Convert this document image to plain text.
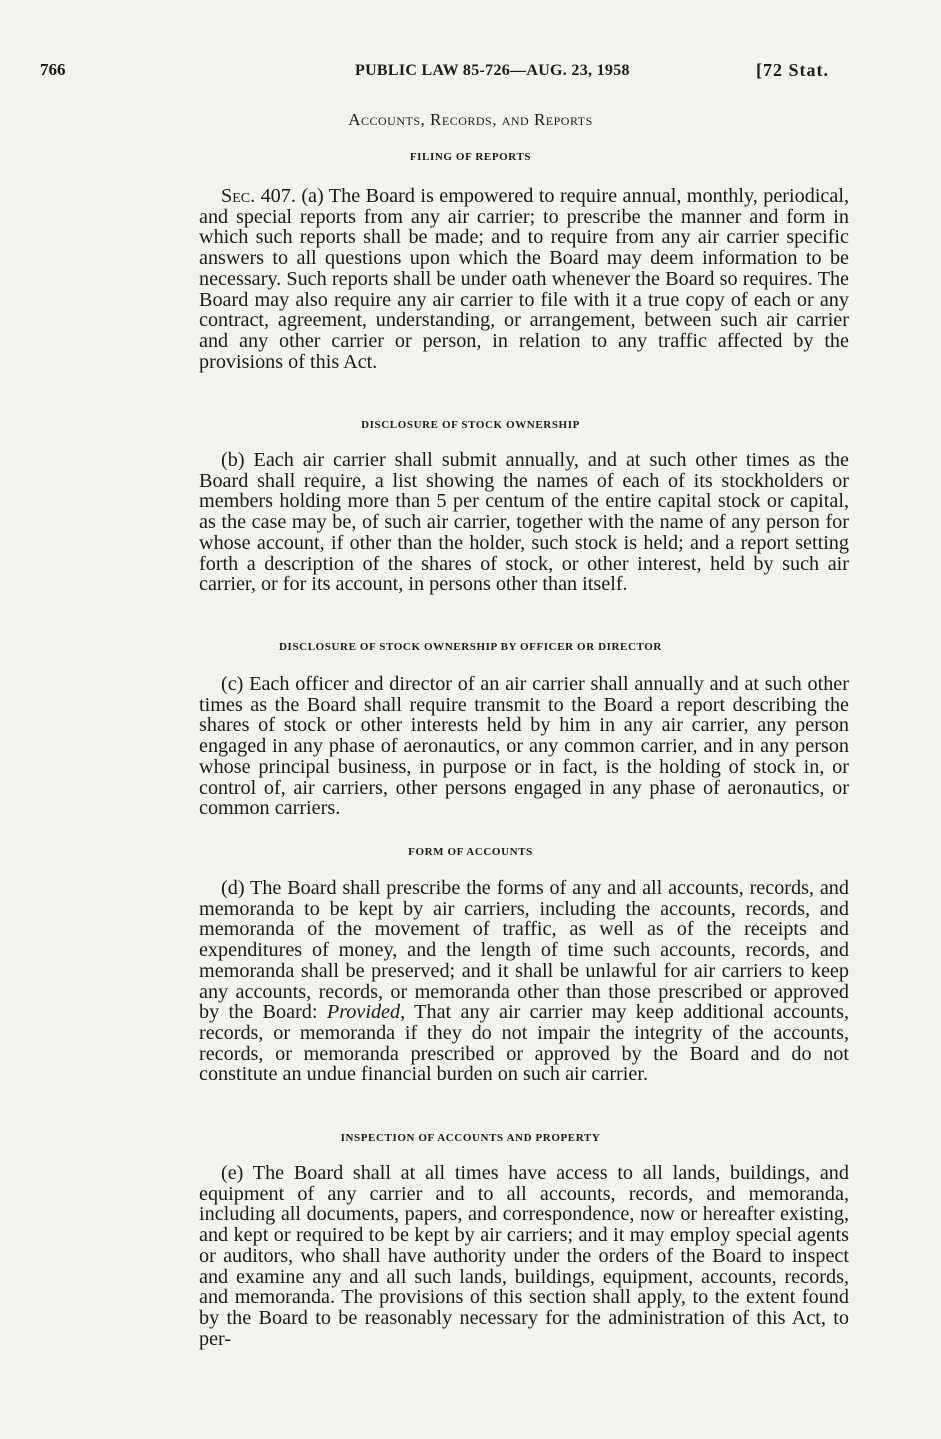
766	PUBLIC LAW 85-726—AUG. 23, 1958	[72 Stat.
Accounts, Records, and Reports
FILING OF REPORTS

Sec. 407. (a) The Board is empowered to require annual, monthly, periodical, and special reports from any air carrier; to prescribe the manner and form in which such reports shall be made; and to require from any air carrier specific answers to all questions upon which the Board may deem information to be necessary. Such reports shall be under oath whenever the Board so requires. The Board may also require any air carrier to file with it a true copy of each or any contract, agreement, understanding, or arrangement, between such air carrier and any other carrier or person, in relation to any traffic affected by the provisions of this Act.

DISCLOSURE OF STOCK OWNERSHIP

(b) Each air carrier shall submit annually, and at such other times as the Board shall require, a list showing the names of each of its stockholders or members holding more than 5 per centum of the entire capital stock or capital, as the case may be, of such air carrier, together with the name of any person for whose account, if other than the holder, such stock is held; and a report setting forth a description of the shares of stock, or other interest, held by such air carrier, or for its account, in persons other than itself.

DISCLOSURE OF STOCK OWNERSHIP BY OFFICER OR DIRECTOR

(c) Each officer and director of an air carrier shall annually and at such other times as the Board shall require transmit to the Board a report describing the shares of stock or other interests held by him in any air carrier, any person engaged in any phase of aeronautics, or any common carrier, and in any person whose principal business, in purpose or in fact, is the holding of stock in, or control of, air carriers, other persons engaged in any phase of aeronautics, or common carriers.

FORM OF ACCOUNTS

(d) The Board shall prescribe the forms of any and all accounts, records, and memoranda to be kept by air carriers, including the accounts, records, and memoranda of the movement of traffic, as well as of the receipts and expenditures of money, and the length of time such accounts, records, and memoranda shall be preserved; and it shall be unlawful for air carriers to keep any accounts, records, or memoranda other than those prescribed or approved by the Board: Provided, That any air carrier may keep additional accounts, records, or memoranda if they do not impair the integrity of the accounts, records, or memoranda prescribed or approved by the Board and do not constitute an undue financial burden on such air carrier.

INSPECTION OF ACCOUNTS AND PROPERTY

(e) The Board shall at all times have access to all lands, buildings, and equipment of any carrier and to all accounts, records, and memoranda, including all documents, papers, and correspondence, now or hereafter existing, and kept or required to be kept by air carriers; and it may employ special agents or auditors, who shall have authority under the orders of the Board to inspect and examine any and all such lands, buildings, equipment, accounts, records, and memoranda. The provisions of this section shall apply, to the extent found by the Board to be reasonably necessary for the administration of this Act, to per-
